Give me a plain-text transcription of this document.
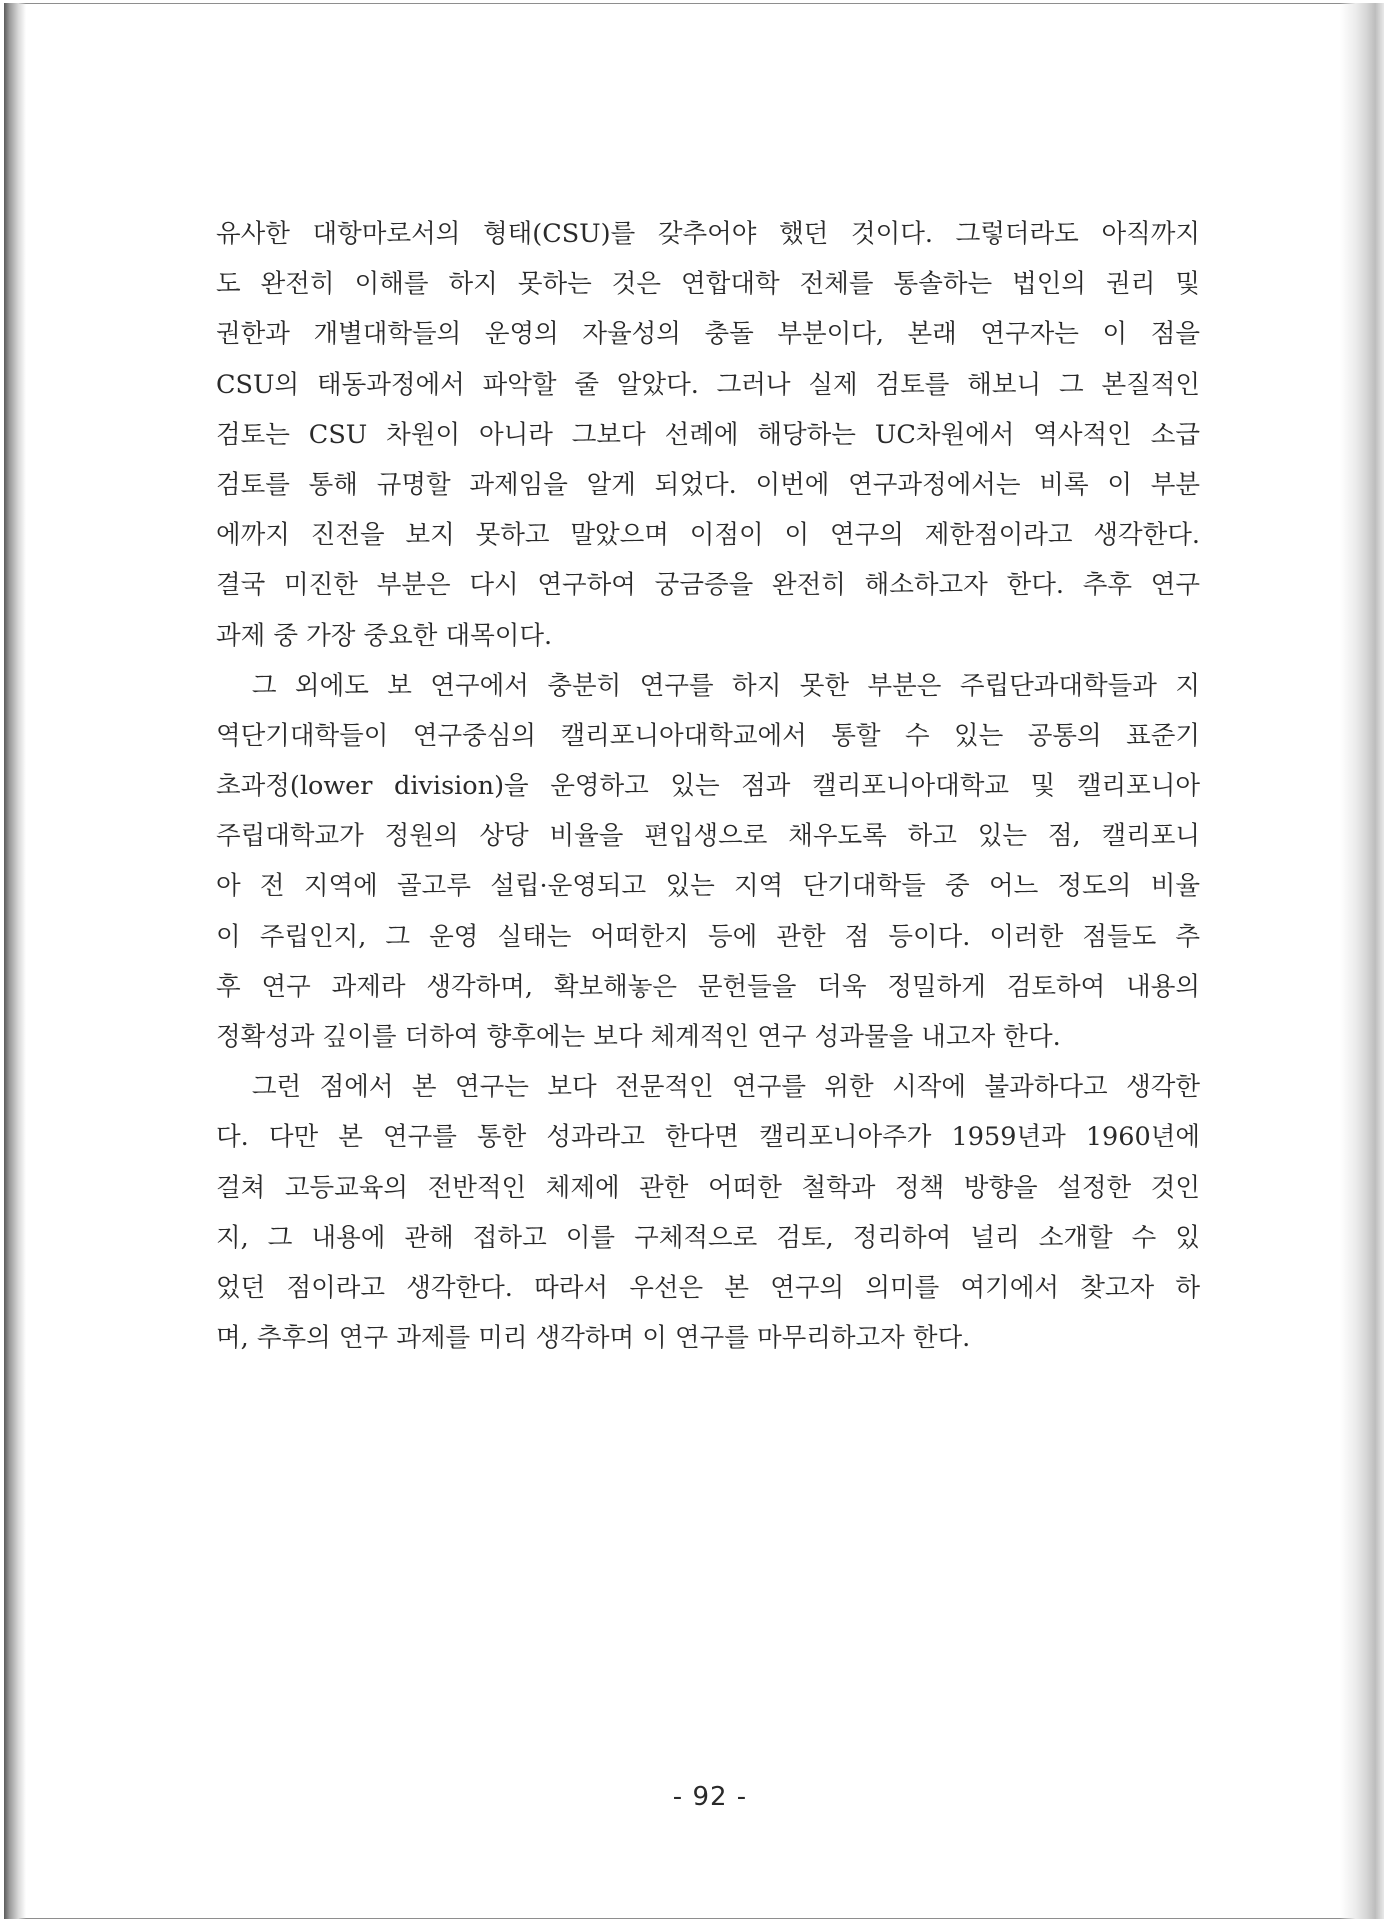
유사한 대항마로서의 형태(CSU)를 갖추어야 했던 것이다. 그렇더라도 아직까지
도 완전히 이해를 하지 못하는 것은 연합대학 전체를 통솔하는 법인의 권리 및
권한과 개별대학들의 운영의 자율성의 충돌 부분이다, 본래 연구자는 이 점을
CSU의 태동과정에서 파악할 줄 알았다. 그러나 실제 검토를 해보니 그 본질적인
검토는 CSU 차원이 아니라 그보다 선례에 해당하는 UC차원에서 역사적인 소급
검토를 통해 규명할 과제임을 알게 되었다. 이번에 연구과정에서는 비록 이 부분
에까지 진전을 보지 못하고 말았으며 이점이 이 연구의 제한점이라고 생각한다.
결국 미진한 부분은 다시 연구하여 궁금증을 완전히 해소하고자 한다. 추후 연구
과제 중 가장 중요한 대목이다.
　그 외에도 보 연구에서 충분히 연구를 하지 못한 부분은 주립단과대학들과 지
역단기대학들이 연구중심의 캘리포니아대학교에서 통할 수 있는 공통의 표준기
초과정(lower division)을 운영하고 있는 점과 캘리포니아대학교 및 캘리포니아
주립대학교가 정원의 상당 비율을 편입생으로 채우도록 하고 있는 점, 캘리포니
아 전 지역에 골고루 설립·운영되고 있는 지역 단기대학들 중 어느 정도의 비율
이 주립인지, 그 운영 실태는 어떠한지 등에 관한 점 등이다. 이러한 점들도 추
후 연구 과제라 생각하며, 확보해놓은 문헌들을 더욱 정밀하게 검토하여 내용의
정확성과 깊이를 더하여 향후에는 보다 체계적인 연구 성과물을 내고자 한다.
　그런 점에서 본 연구는 보다 전문적인 연구를 위한 시작에 불과하다고 생각한
다. 다만 본 연구를 통한 성과라고 한다면 캘리포니아주가 1959년과 1960년에
걸쳐 고등교육의 전반적인 체제에 관한 어떠한 철학과 정책 방향을 설정한 것인
지, 그 내용에 관해 접하고 이를 구체적으로 검토, 정리하여 널리 소개할 수 있
었던 점이라고 생각한다. 따라서 우선은 본 연구의 의미를 여기에서 찾고자 하
며, 추후의 연구 과제를 미리 생각하며 이 연구를 마무리하고자 한다.
- 92 -
